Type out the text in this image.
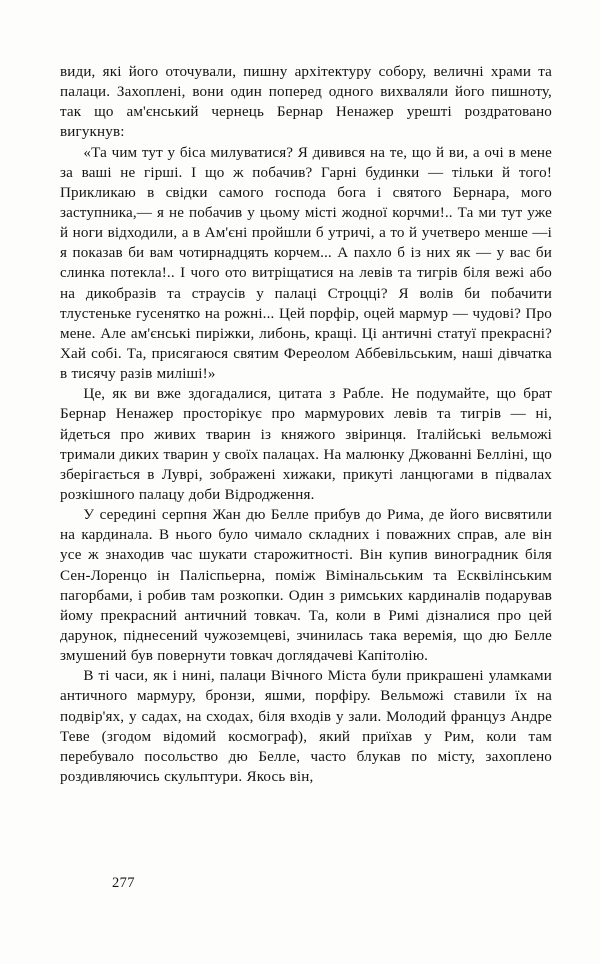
види, які його оточували, пишну архітектуру собору, величні храми та палаци. Захоплені, вони один поперед одного вихваляли його пишноту, так що ам'єнський чернець Бернар Ненажер урешті роздратовано вигукнув:

«Та чим тут у біса милуватися? Я дивився на те, що й ви, а очі в мене за ваші не гірші. І що ж побачив? Гарні будинки — тільки й того! Прикликаю в свідки самого господа бога і святого Бернара, мого заступника,— я не побачив у цьому місті жодної корчми!.. Та ми тут уже й ноги відходили, а в Ам'єні пройшли б утричі, а то й учетверо менше —і я показав би вам чотирнадцять корчем... А пахло б із них як — у вас би слинка потекла!.. І чого ото витріщатися на левів та тигрів біля вежі або на дикобразів та страусів у палаці Строцці? Я волів би побачити тлустеньке гусенятко на рожні... Цей порфір, оцей мармур — чудові? Про мене. Але ам'єнські пиріжки, либонь, кращі. Ці античні статуї прекрасні? Хай собі. Та, присягаюся святим Фереолом Аббевільським, наші дівчатка в тисячу разів миліші!»

Це, як ви вже здогадалися, цитата з Рабле. Не подумайте, що брат Бернар Ненажер просторікує про мармурових левів та тигрів — ні, йдеться про живих тварин із княжого звіринця. Італійські вельможі тримали диких тварин у своїх палацах. На малюнку Джованні Белліні, що зберігається в Луврі, зображені хижаки, прикуті ланцюгами в підвалах розкішного палацу доби Відродження.

У середині серпня Жан дю Белле прибув до Рима, де його висвятили на кардинала. В нього було чимало складних і поважних справ, але він усе ж знаходив час шукати старожитності. Він купив виноградник біля Сен-Лоренцо ін Паліспьерна, поміж Вімінальським та Есквілінським пагорбами, і робив там розкопки. Один з римських кардиналів подарував йому прекрасний античний товкач. Та, коли в Римі дізналися про цей дарунок, піднесений чужоземцеві, зчинилась така веремія, що дю Белле змушений був повернути товкач доглядачеві Капітолію.

В ті часи, як і нині, палаци Вічного Міста були прикрашені уламками античного мармуру, бронзи, яшми, порфіру. Вельможі ставили їх на подвір'ях, у садах, на сходах, біля входів у зали. Молодий француз Андре Теве (згодом відомий космограф), який приїхав у Рим, коли там перебувало посольство дю Белле, часто блукав по місту, захоплено роздивляючись скульптури. Якось він,

277
